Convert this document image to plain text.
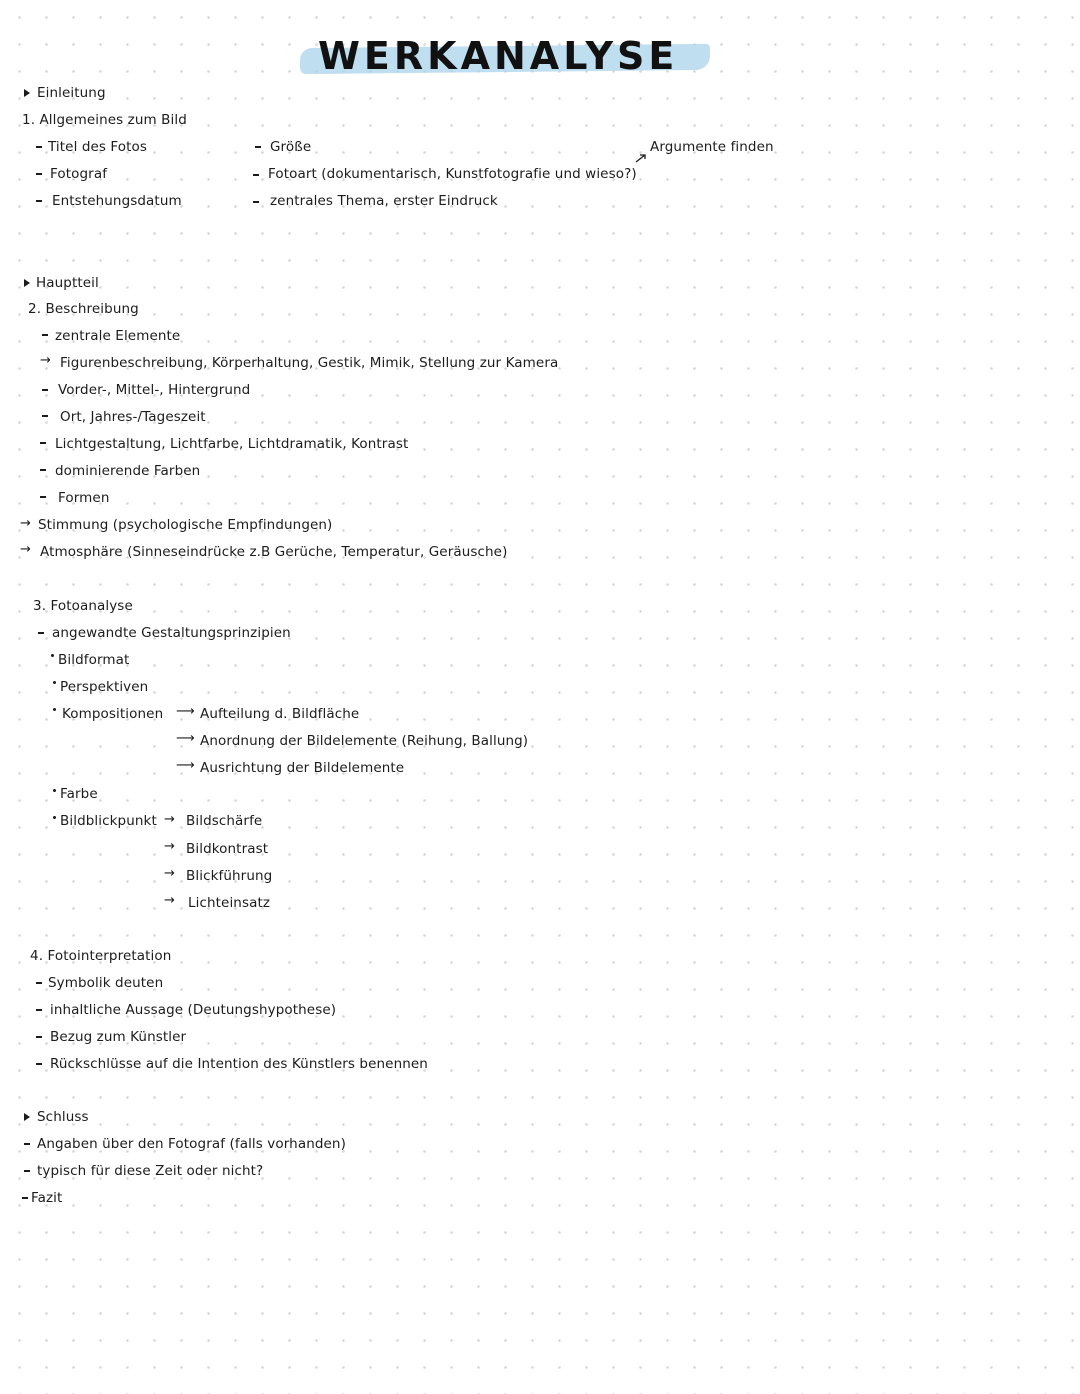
WERKANALYSE
Einleitung
1. Allgemeines zum Bild
Titel des Fotos
Fotograf
Entstehungsdatum
Größe
Fotoart (dokumentarisch, Kunstfotografie und wieso?)
zentrales Thema, erster Eindruck
Argumente finden
Hauptteil
2. Beschreibung
zentrale Elemente
→ Figurenbeschreibung, Körperhaltung, Gestik, Mimik, Stellung zur Kamera
Vorder-, Mittel-, Hintergrund
Ort, Jahres-/Tageszeit
Lichtgestaltung, Lichtfarbe, Lichtdramatik, Kontrast
dominierende Farben
Formen
→ Stimmung (psychologische Empfindungen)
→ Atmosphäre (Sinneseindrücke z.B Gerüche, Temperatur, Geräusche)
3. Fotoanalyse
angewandte Gestaltungsprinzipien
Bildformat
Perspektiven
Kompositionen ⟶ Aufteilung d. Bildfläche
⟶ Anordnung der Bildelemente (Reihung, Ballung)
⟶ Ausrichtung der Bildelemente
Farbe
Bildblickpunkt → Bildschärfe
→ Bildkontrast
→ Blickführung
→ Lichteinsatz
4. Fotointerpretation
Symbolik deuten
inhaltliche Aussage (Deutungshypothese)
Bezug zum Künstler
Rückschlüsse auf die Intention des Künstlers benennen
Schluss
Angaben über den Fotograf (falls vorhanden)
typisch für diese Zeit oder nicht?
Fazit
